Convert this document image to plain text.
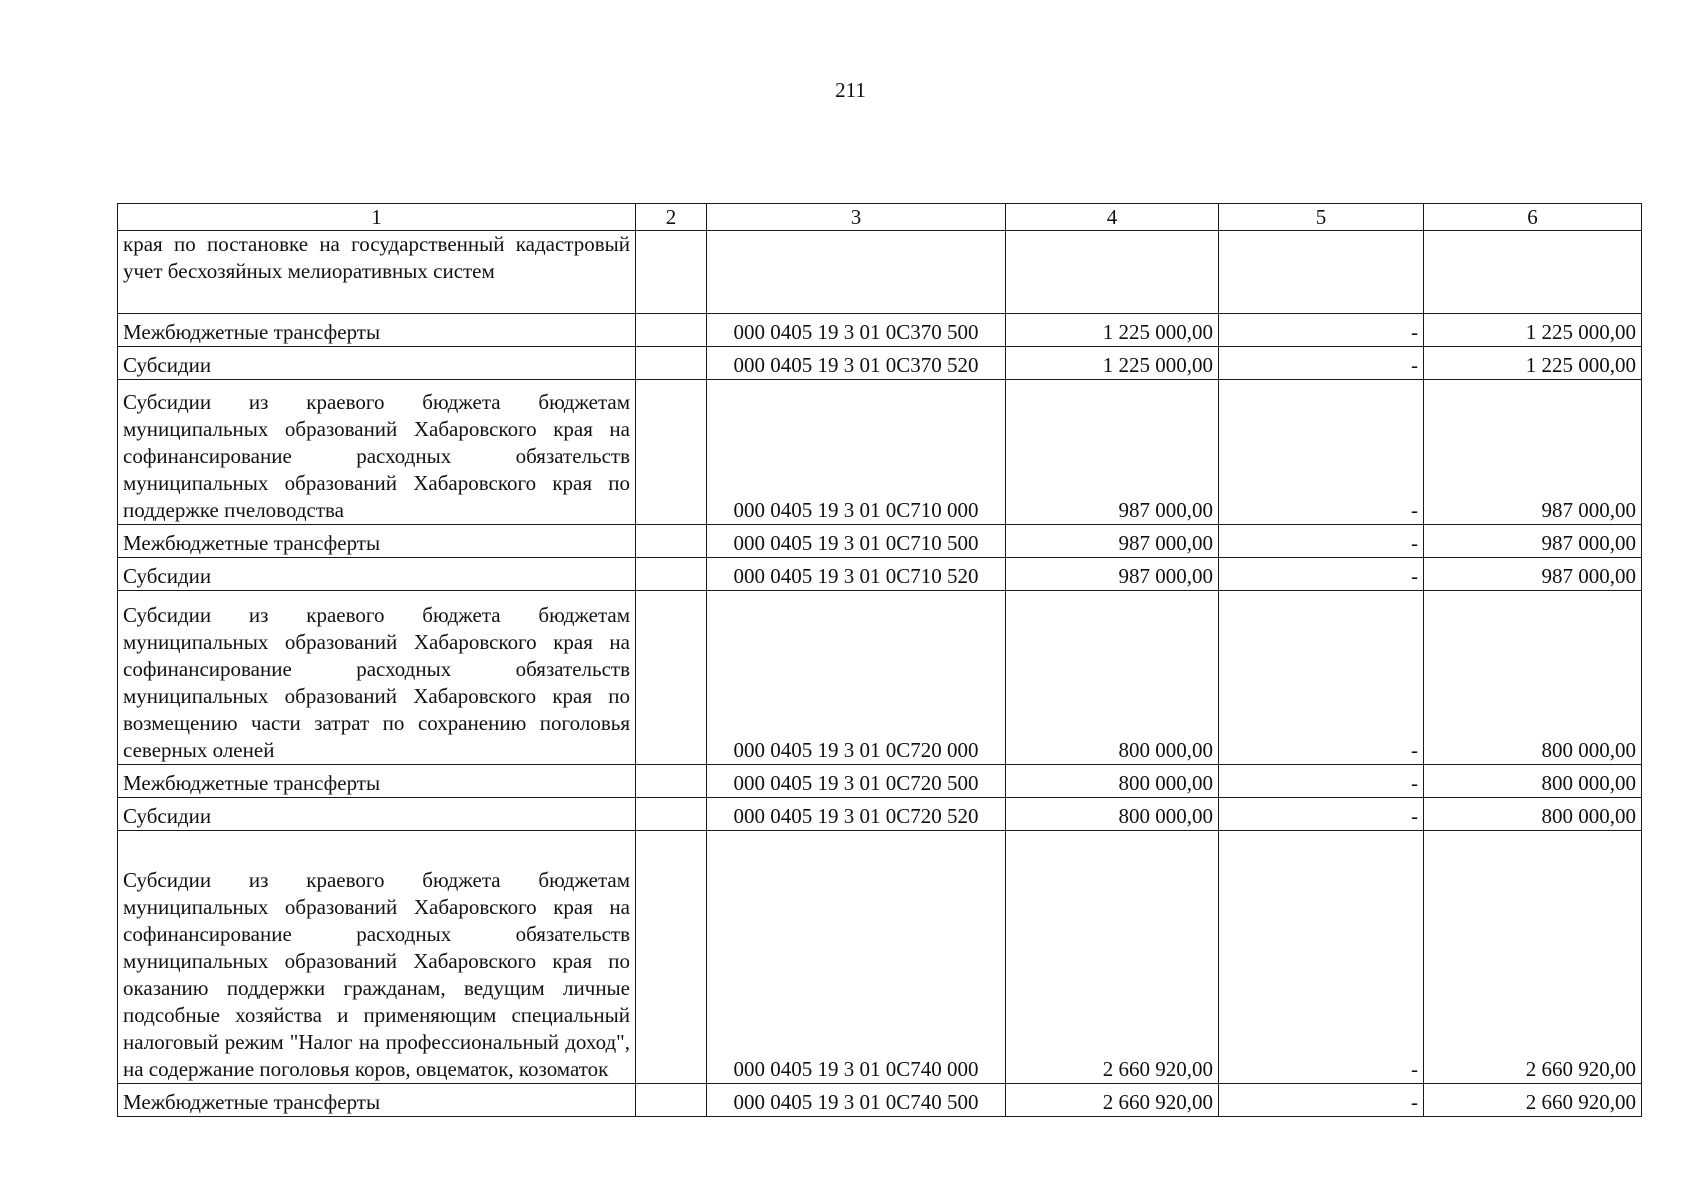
211
1	2	3	4	5	6
края по постановке на государственный кадастровый учет бесхозяйных мелиоративных систем					
Межбюджетные трансферты		000 0405 19 3 01 0С370 500	1 225 000,00	-	1 225 000,00
Субсидии		000 0405 19 3 01 0С370 520	1 225 000,00	-	1 225 000,00
Субсидии из краевого бюджета бюджетам муниципальных образований Хабаровского края на софинансирование расходных обязательств муниципальных образований Хабаровского края по поддержке пчеловодства		000 0405 19 3 01 0С710 000	987 000,00	-	987 000,00
Межбюджетные трансферты		000 0405 19 3 01 0С710 500	987 000,00	-	987 000,00
Субсидии		000 0405 19 3 01 0С710 520	987 000,00	-	987 000,00
Субсидии из краевого бюджета бюджетам муниципальных образований Хабаровского края на софинансирование расходных обязательств муниципальных образований Хабаровского края по возмещению части затрат по сохранению поголовья северных оленей		000 0405 19 3 01 0С720 000	800 000,00	-	800 000,00
Межбюджетные трансферты		000 0405 19 3 01 0С720 500	800 000,00	-	800 000,00
Субсидии		000 0405 19 3 01 0С720 520	800 000,00	-	800 000,00
Субсидии из краевого бюджета бюджетам муниципальных образований Хабаровского края на софинансирование расходных обязательств муниципальных образований Хабаровского края по оказанию поддержки гражданам, ведущим личные подсобные хозяйства и применяющим специальный налоговый режим "Налог на профессиональный доход", на содержание поголовья коров, овцематок, козоматок		000 0405 19 3 01 0С740 000	2 660 920,00	-	2 660 920,00
Межбюджетные трансферты		000 0405 19 3 01 0С740 500	2 660 920,00	-	2 660 920,00
